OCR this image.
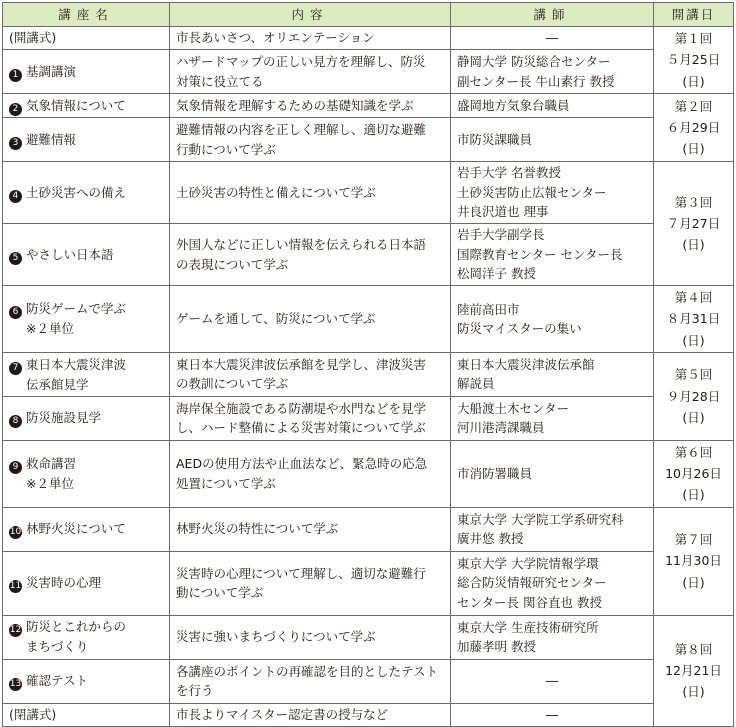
講座名	内容	講師	開講日
(開講式)	市長あいさつ、オリエンテーション	―	第１回
５月25日(日)
1 基調講演	ハザードマップの正しい見方を理解し、防災
対策に役立てる	静岡大学 防災総合センター
副センター長 牛山素行 教授	
2 気象情報について	気象情報を理解するための基礎知識を学ぶ	盛岡地方気象台職員	第２回
６月29日(日)
3 避難情報	避難情報の内容を正しく理解し、適切な避難
行動について学ぶ	市防災課職員	
4 土砂災害への備え	土砂災害の特性と備えについて学ぶ	岩手大学 名誉教授
土砂災害防止広報センター
井良沢道也 理事	第３回
７月27日(日)
5 やさしい日本語	外国人などに正しい情報を伝えられる日本語
の表現について学ぶ	岩手大学副学長
国際教育センター センター長
松岡洋子 教授	
6 防災ゲームで学ぶ
※２単位	ゲームを通して、防災について学ぶ	陸前高田市
防災マイスターの集い	第４回
８月31日(日)
7 東日本大震災津波
伝承館見学	東日本大震災津波伝承館を見学し、津波災害
の教訓について学ぶ	東日本大震災津波伝承館
解説員	第５回
９月28日(日)
8 防災施設見学	海岸保全施設である防潮堤や水門などを見学
し、ハード整備による災害対策について学ぶ	大船渡土木センター
河川港湾課職員	
9 救命講習
※２単位	AEDの使用方法や止血法など、緊急時の応急
処置について学ぶ	市消防署職員	第６回
10月26日(日)
10 林野火災について	林野火災の特性について学ぶ	東京大学 大学院工学系研究科
廣井悠 教授	第７回
11月30日(日)
11 災害時の心理	災害時の心理について理解し、適切な避難行
動について学ぶ	東京大学 大学院情報学環
総合防災情報研究センター
センター長 関谷直也 教授	
12 防災とこれからの
まちづくり	災害に強いまちづくりについて学ぶ	東京大学 生産技術研究所
加藤孝明 教授	第８回
12月21日(日)
13 確認テスト	各講座のポイントの再確認を目的としたテスト
を行う	―	
(閉講式)	市長よりマイスター認定書の授与など	―	
